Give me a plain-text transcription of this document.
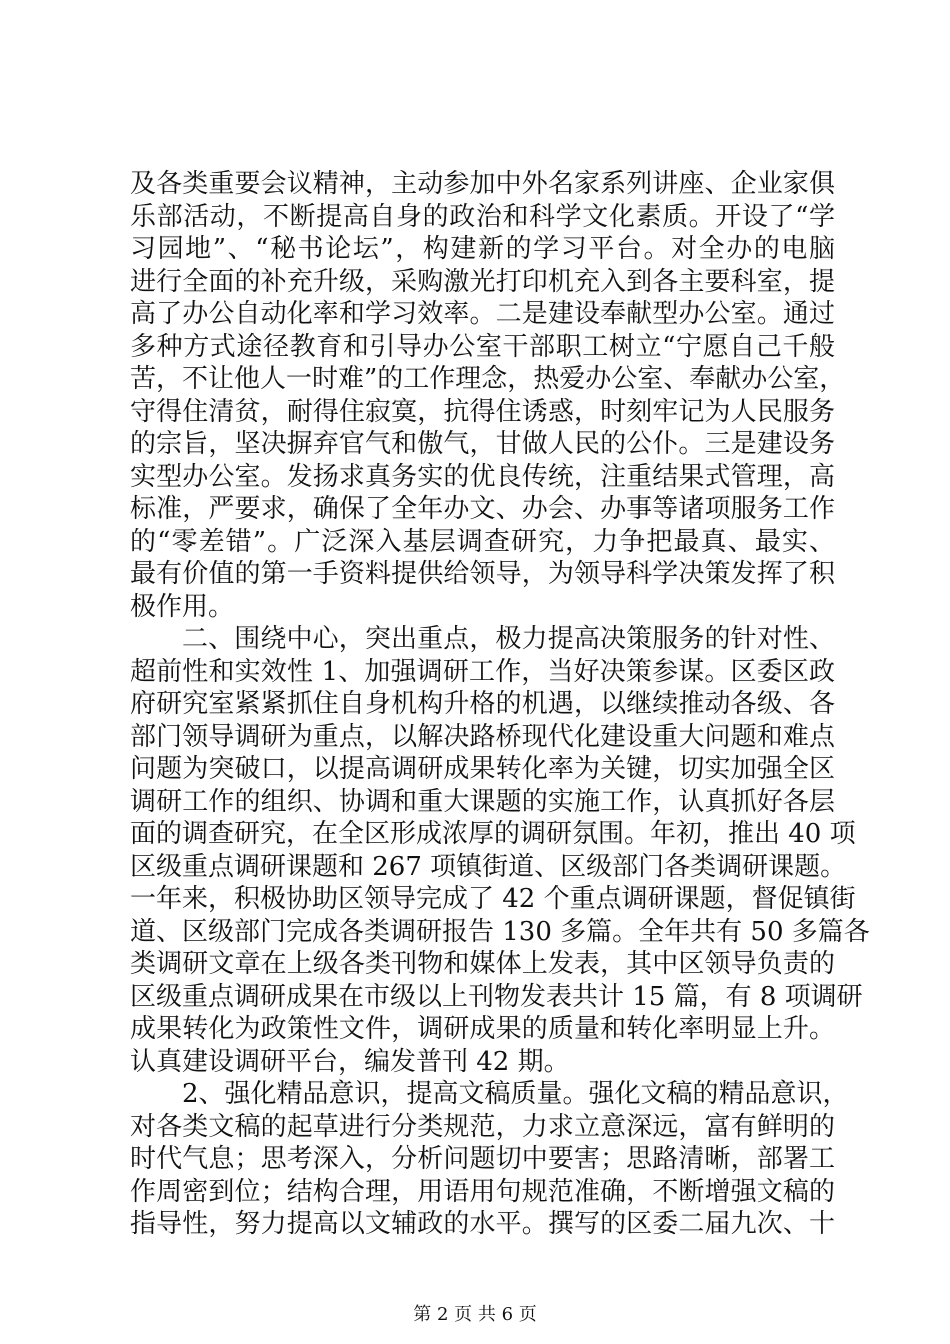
及各类重要会议精神，主动参加中外名家系列讲座、企业家俱
乐部活动，不断提高自身的政治和科学文化素质。开设了“学
习园地”、“秘书论坛”，构建新的学习平台。对全办的电脑
进行全面的补充升级，采购激光打印机充入到各主要科室，提
高了办公自动化率和学习效率。二是建设奉献型办公室。通过
多种方式途径教育和引导办公室干部职工树立“宁愿自己千般
苦，不让他人一时难”的工作理念，热爱办公室、奉献办公室，
守得住清贫，耐得住寂寞，抗得住诱惑，时刻牢记为人民服务
的宗旨，坚决摒弃官气和傲气，甘做人民的公仆。三是建设务
实型办公室。发扬求真务实的优良传统，注重结果式管理，高
标准，严要求，确保了全年办文、办会、办事等诸项服务工作
的“零差错”。广泛深入基层调查研究，力争把最真、最实、
最有价值的第一手资料提供给领导，为领导科学决策发挥了积
极作用。
二、围绕中心，突出重点，极力提高决策服务的针对性、
超前性和实效性 1、加强调研工作，当好决策参谋。区委区政
府研究室紧紧抓住自身机构升格的机遇，以继续推动各级、各
部门领导调研为重点，以解决路桥现代化建设重大问题和难点
问题为突破口，以提高调研成果转化率为关键，切实加强全区
调研工作的组织、协调和重大课题的实施工作，认真抓好各层
面的调查研究，在全区形成浓厚的调研氛围。年初，推出 40 项
区级重点调研课题和 267 项镇街道、区级部门各类调研课题。
一年来，积极协助区领导完成了 42 个重点调研课题，督促镇街
道、区级部门完成各类调研报告 130 多篇。全年共有 50 多篇各
类调研文章在上级各类刊物和媒体上发表，其中区领导负责的
区级重点调研成果在市级以上刊物发表共计 15 篇，有 8 项调研
成果转化为政策性文件，调研成果的质量和转化率明显上升。
认真建设调研平台，编发普刊 42 期。
2、强化精品意识，提高文稿质量。强化文稿的精品意识，
对各类文稿的起草进行分类规范，力求立意深远，富有鲜明的
时代气息；思考深入，分析问题切中要害；思路清晰，部署工
作周密到位；结构合理，用语用句规范准确，不断增强文稿的
指导性，努力提高以文辅政的水平。撰写的区委二届九次、十
第 2 页 共 6 页
